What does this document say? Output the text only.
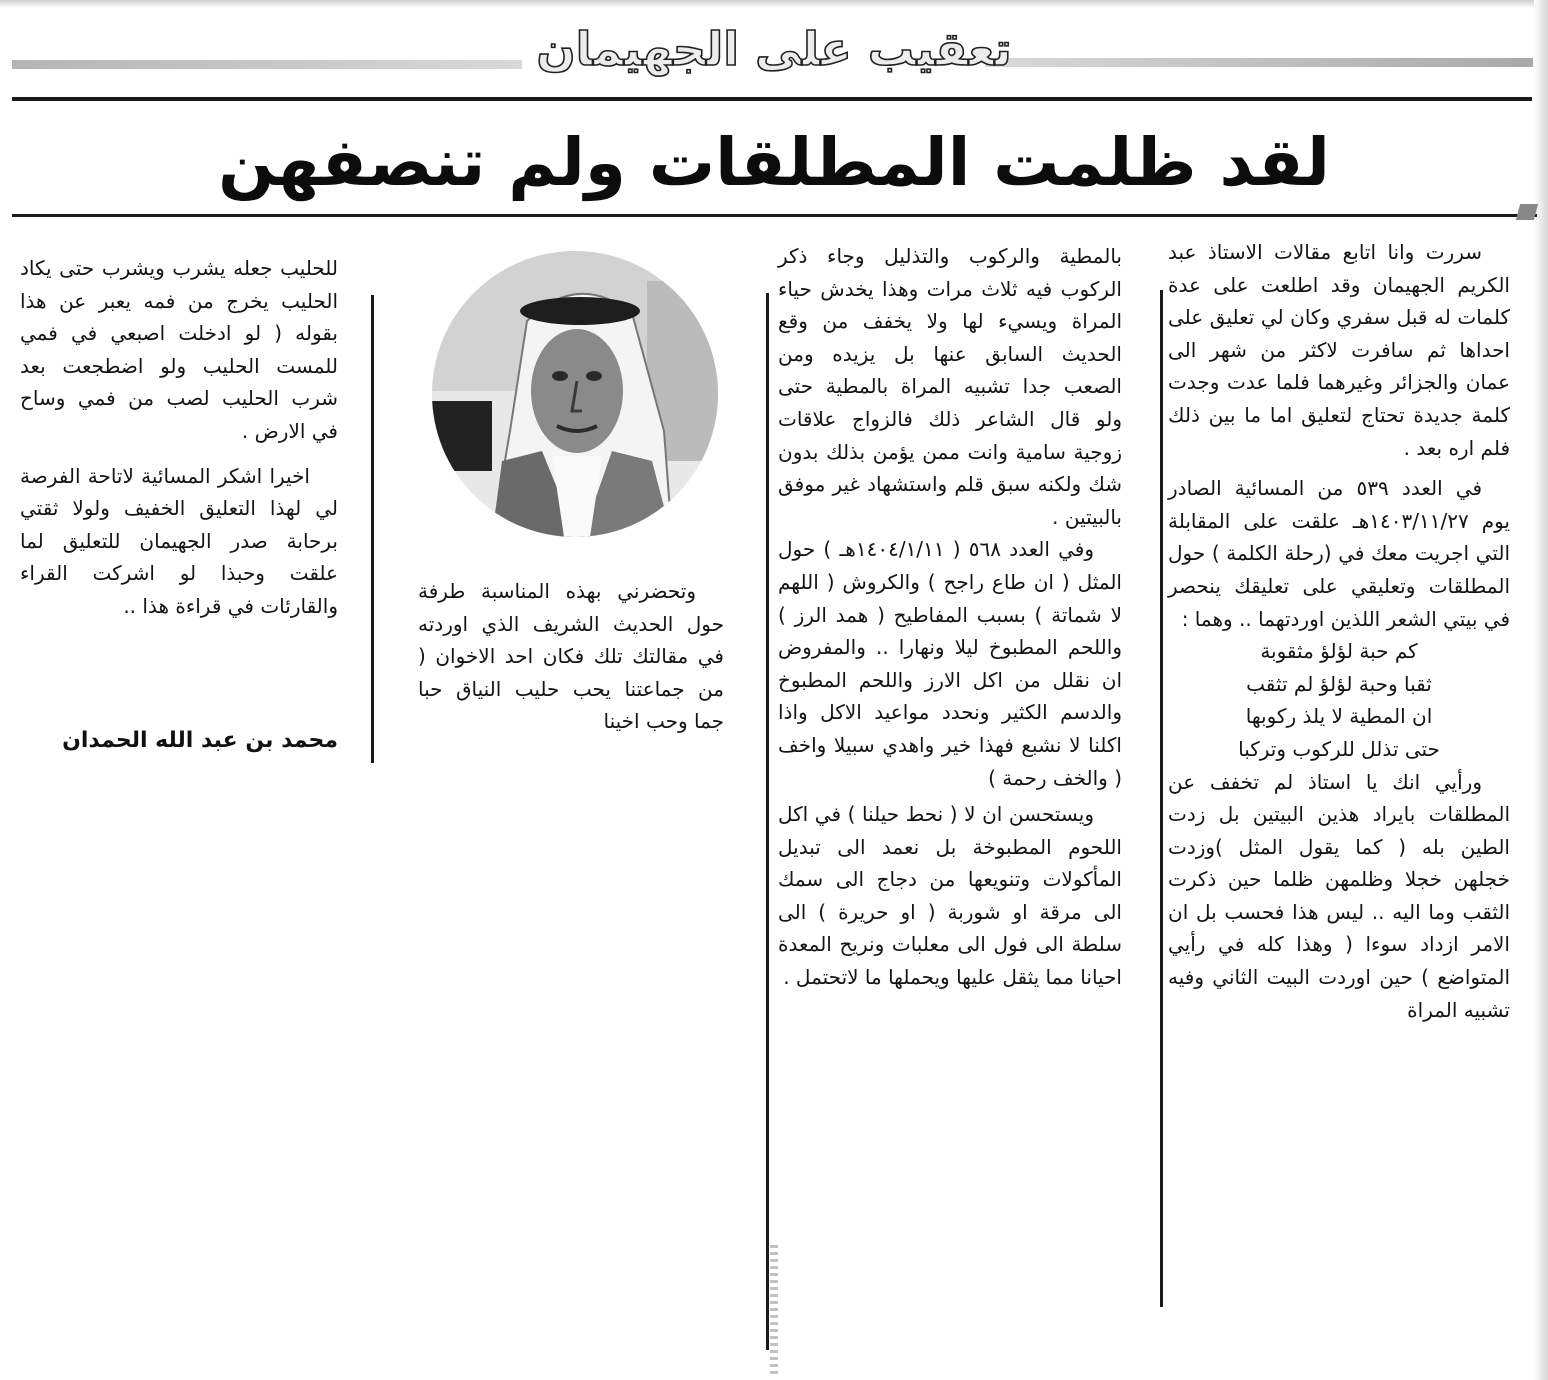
تعقيب على الجهيمان
لقد ظلمت المطلقات ولم تنصفهن

سررت وانا اتابع مقالات الاستاذ عبد الكريم الجهيمان وقد اطلعت على عدة كلمات له قبل سفري وكان لي تعليق على احداها ثم سافرت لاكثر من شهر الى عمان والجزائر وغيرهما فلما عدت وجدت كلمة جديدة تحتاج لتعليق اما ما بين ذلك فلم اره بعد .

في العدد ٥٣٩ من المسائية الصادر يوم ١٤٠٣/١١/٢٧هـ علقت على المقابلة التي اجريت معك في (رحلة الكلمة ) حول المطلقات وتعليقي على تعليقك ينحصر في بيتي الشعر اللذين اوردتهما .. وهما :

كم حبة لؤلؤ مثقوبة

ثقبا وحبة لؤلؤ لم تثقب

ان المطية لا يلذ ركوبها

حتى تذلل للركوب وتركبا

ورأيي انك يا استاذ لم تخفف عن المطلقات بايراد هذين البيتين بل زدت الطين بله ( كما يقول المثل )وزدت خجلهن خجلا وظلمهن ظلما حين ذكرت الثقب وما اليه .. ليس هذا فحسب بل ان الامر ازداد سوءا ( وهذا كله في رأيي المتواضع ) حين اوردت البيت الثاني وفيه تشبيه المراة

بالمطية والركوب والتذليل وجاء ذكر الركوب فيه ثلاث مرات وهذا يخدش حياء المراة ويسيء لها ولا يخفف من وقع الحديث السابق عنها بل يزيده ومن الصعب جدا تشبيه المراة بالمطية حتى ولو قال الشاعر ذلك فالزواج علاقات زوجية سامية وانت ممن يؤمن بذلك بدون شك ولكنه سبق قلم واستشهاد غير موفق بالبيتين .

وفي العدد ٥٦٨ ( ١٤٠٤/١/١١هـ ) حول المثل ( ان طاع راجح ) والكروش ( اللهم لا شماتة ) بسبب المفاطيح ( همد الرز ) واللحم المطبوخ ليلا ونهارا .. والمفروض ان نقلل من اكل الارز واللحم المطبوخ والدسم الكثير ونحدد مواعيد الاكل واذا اكلنا لا نشبع فهذا خير واهدي سبيلا واخف ( والخف رحمة )

ويستحسن ان لا ( نحط حيلنا ) في اكل اللحوم المطبوخة بل نعمد الى تبديل المأكولات وتنويعها من دجاج الى سمك الى مرقة او شوربة ( او حريرة ) الى سلطة الى فول الى معلبات ونريح المعدة احيانا مما يثقل عليها ويحملها ما لاتحتمل .

وتحضرني بهذه المناسبة طرفة حول الحديث الشريف الذي اوردته في مقالتك تلك فكان احد الاخوان ( من جماعتنا يحب حليب النياق حبا جما وحب اخينا

للحليب جعله يشرب ويشرب حتى يكاد الحليب يخرج من فمه يعبر عن هذا بقوله ( لو ادخلت اصبعي في فمي للمست الحليب ولو اضطجعت بعد شرب الحليب لصب من فمي وساح في الارض .

اخيرا اشكر المسائية لاتاحة الفرصة لي لهذا التعليق الخفيف ولولا ثقتي برحابة صدر الجهيمان للتعليق لما علقت وحبذا لو اشركت القراء والقارئات في قراءة هذا ..

محمد بن عبد الله الحمدان
